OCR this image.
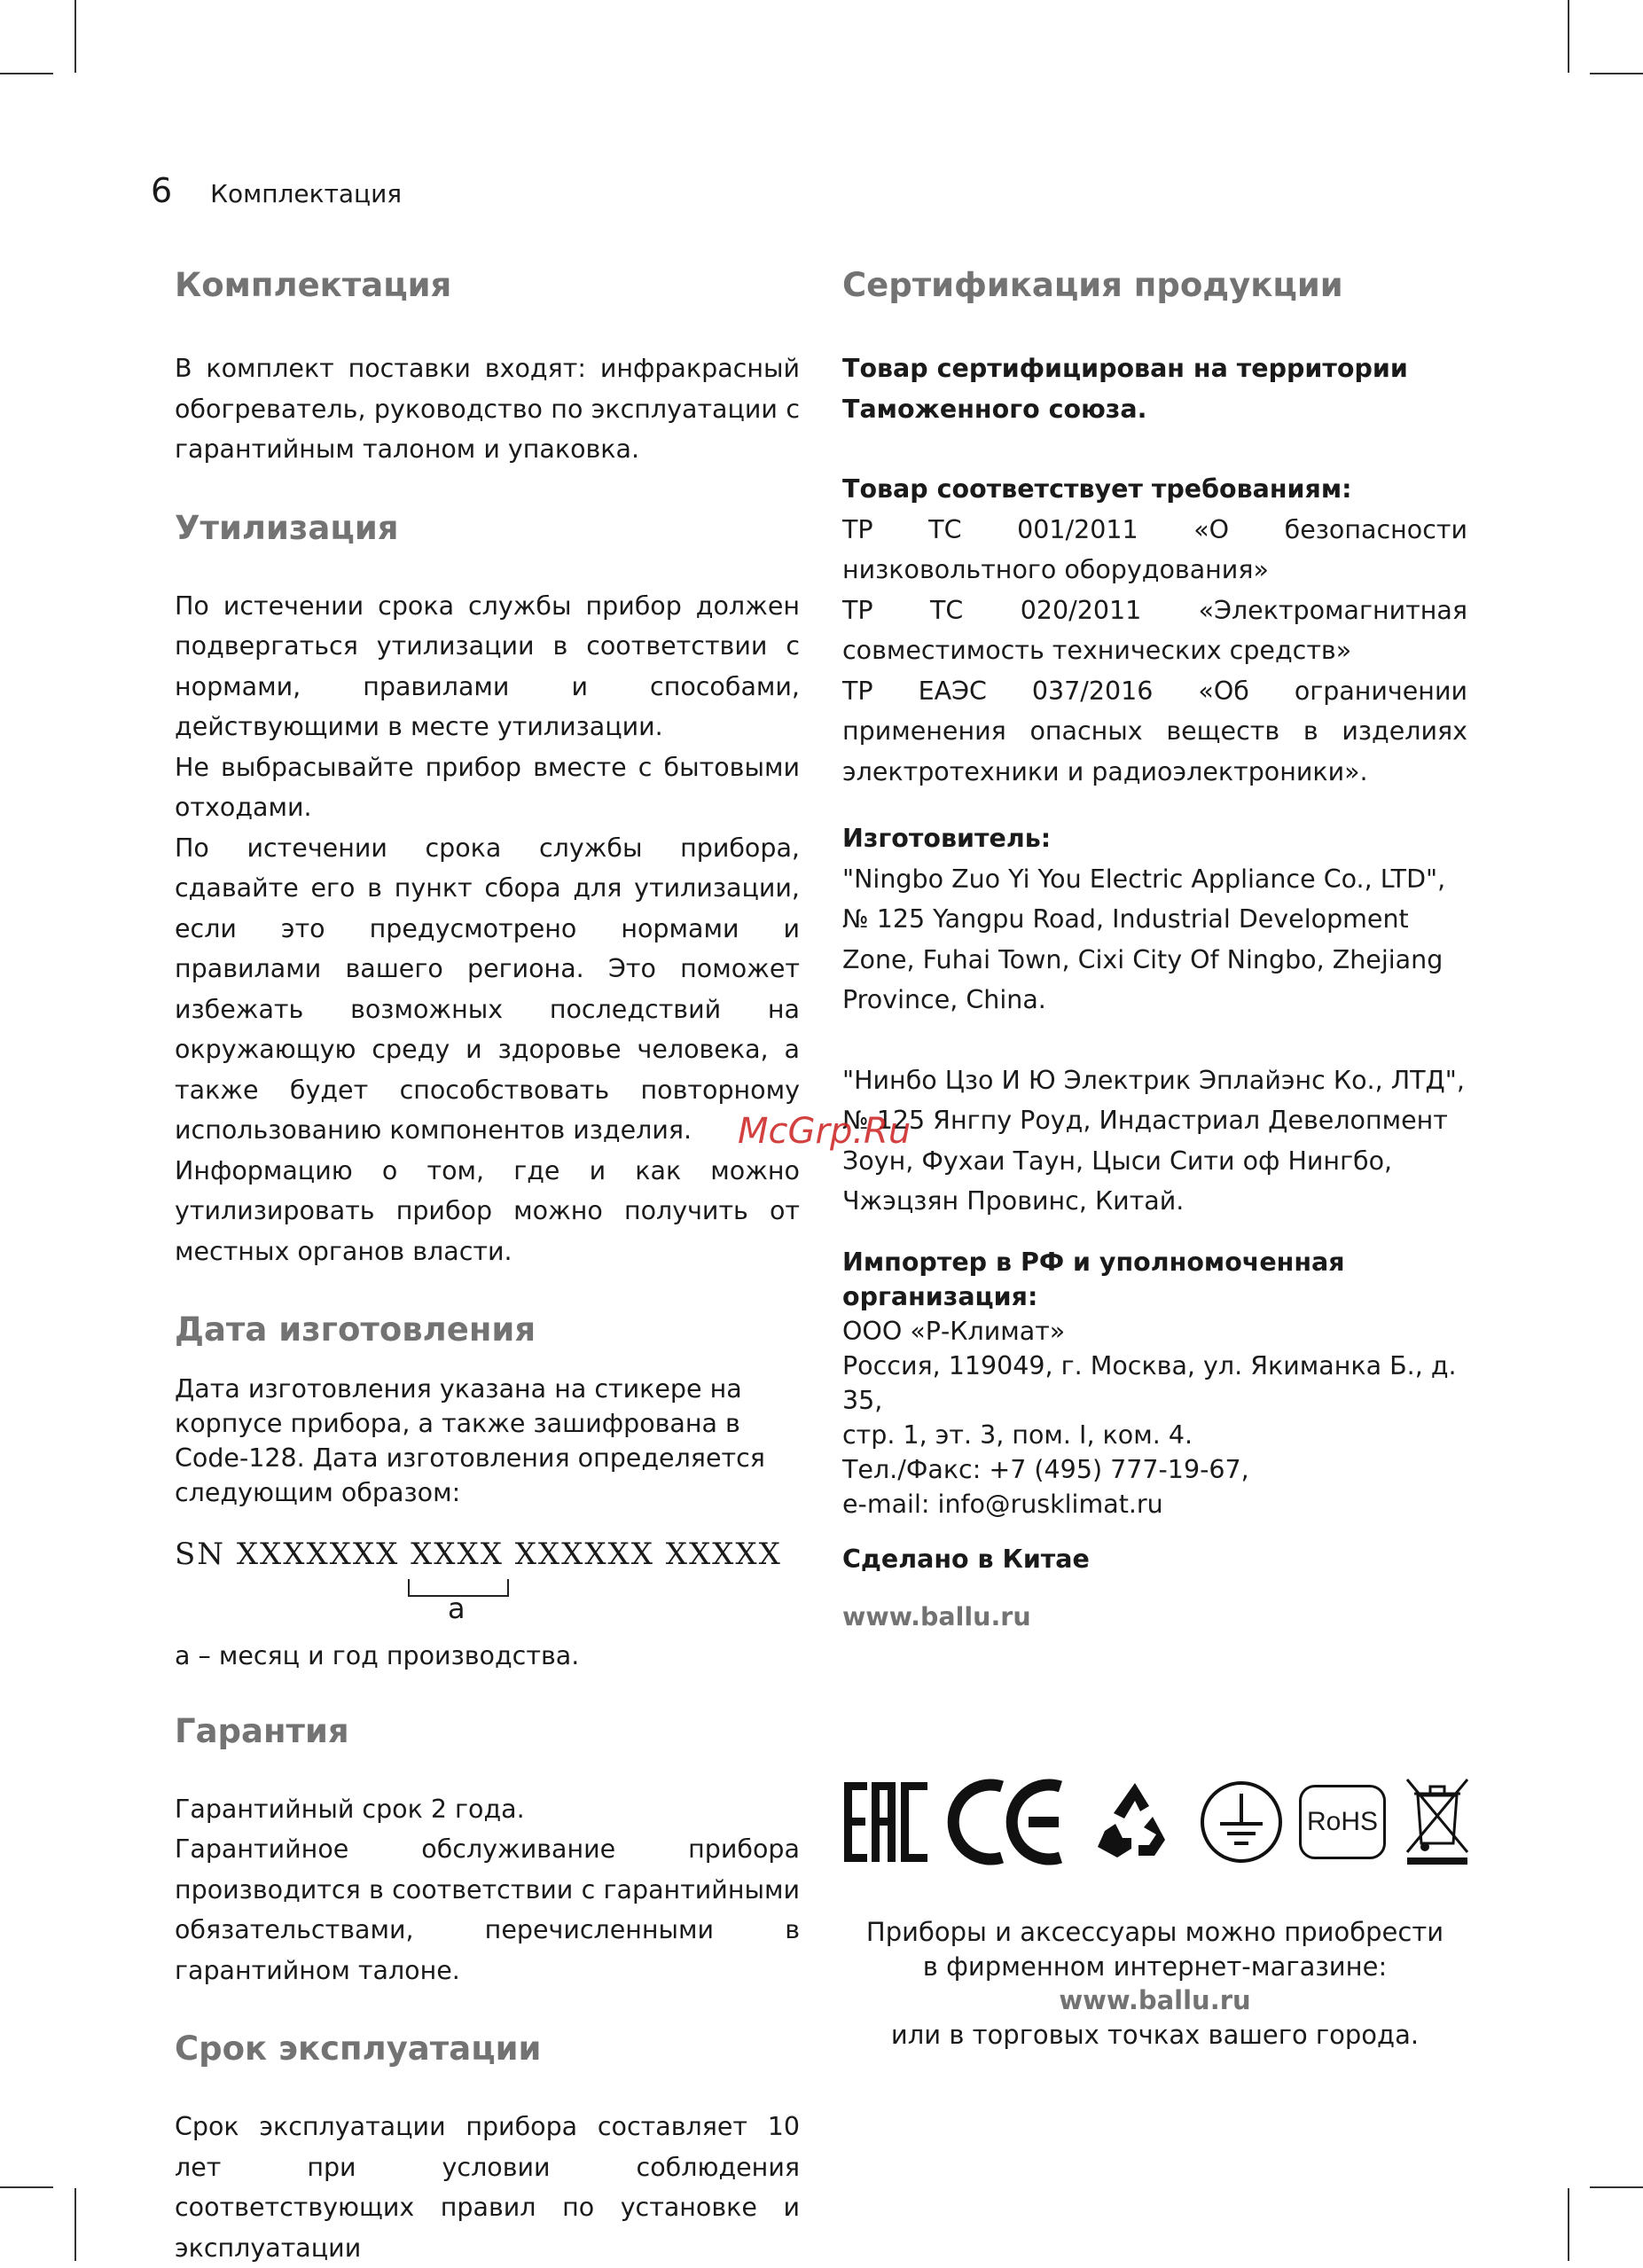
6 Комплектация
Комплектация

В комплект поставки входят: инфракрасный обогреватель, руководство по эксплуатации с гарантийным талоном и упаковка.

Утилизация

По истечении срока службы прибор должен подвергаться утилизации в соответствии с нормами, правилами и способами, действующими в месте утилизации.

Не выбрасывайте прибор вместе с бытовыми отходами.

По истечении срока службы прибора, сдавайте его в пункт сбора для утилизации, если это предусмотрено нормами и правилами вашего региона. Это поможет избежать возможных последствий на окружающую среду и здоровье человека, а также будет способствовать повторному использованию компонентов изделия.

Информацию о том, где и как можно утилизировать прибор можно получить от местных органов власти.

Дата изготовления

Дата изготовления указана на стикере на корпусе прибора, а также зашифрована в Code-128. Дата изготовления определяется следующим образом:

SN XXXXXXX XXXX XXXXXX XXXXX
a

a – месяц и год производства.

Гарантия

Гарантийный срок 2 года.

Гарантийное обслуживание прибора производится в соответствии с гарантийными обязательствами, перечисленными в гарантийном талоне.

Срок эксплуатации

Срок эксплуатации прибора составляет 10 лет при условии соблюдения соответствующих правил по установке и эксплуатации

Сертификация продукции

Товар сертифицирован на территории Таможенного союза.

Товар соответствует требованиям:

ТР ТС 001/2011 «О безопасности низковольтного оборудования»

ТР ТС 020/2011 «Электромагнитная совместимость технических средств»

ТР ЕАЭС 037/2016 «Об ограничении применения опасных веществ в изделиях электротехники и радиоэлектроники».

Изготовитель:

"Ningbo Zuo Yi You Electric Appliance Co., LTD", № 125 Yangpu Road, Industrial Development Zone, Fuhai Town, Cixi City Of Ningbo, Zhejiang Province, China.

"Нинбо Цзо И Ю Электрик Эплайэнс Ко., ЛТД", № 125 Янгпу Роуд, Индастриал Девелопмент Зоун, Фухаи Таун, Цыси Сити оф Нингбо, Чжэцзян Провинс, Китай.

Импортер в РФ и уполномоченная организация:

ООО «Р-Климат»

Россия, 119049, г. Москва, ул. Якиманка Б., д. 35,

стр. 1, эт. 3, пом. I, ком. 4.

Тел./Факс: +7 (495) 777-19-67,

e-mail: info@rusklimat.ru

Сделано в Китае

www.ballu.ru

RoHS
Приборы и аксессуары можно приобрести
в фирменном интернет-магазине:
www.ballu.ru
или в торговых точках вашего города.
McGrp.Ru
